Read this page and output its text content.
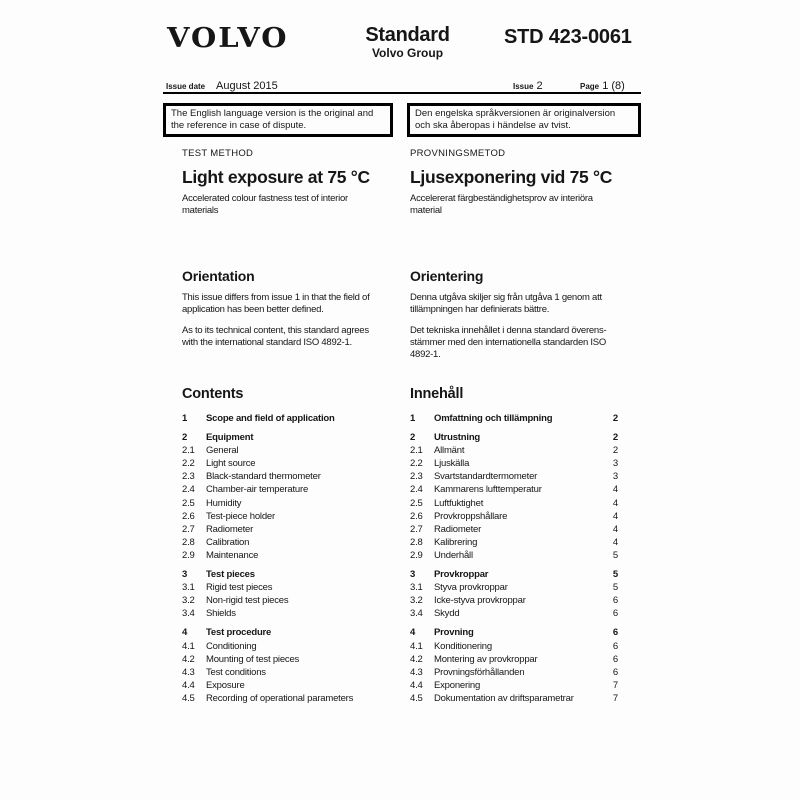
VOLVO	Standard
Volvo Group
STD 423-0061
Issue date August 2015	Issue 2	Page 1 (8)
The English language version is the original and the reference in case of dispute.
Den engelska språkversionen är originalversion och ska åberopas i händelse av tvist.
TEST METHOD
Light exposure at 75 °C
Accelerated colour fastness test of interior materials
PROVNINGSMETOD
Ljusexponering vid 75 °C
Accelererat färgbeständighetsprov av interiöra material
Orientation
This issue differs from issue 1 in that the field of application has been better defined.
As to its technical content, this standard agrees with the international standard ISO 4892-1.
Orientering
Denna utgåva skiljer sig från utgåva 1 genom att tillämpningen har definierats bättre.
Det tekniska innehållet i denna standard överens-stämmer med den internationella standarden ISO 4892-1.
Contents
1	Scope and field of application
2	Equipment
2.1	General
2.2	Light source
2.3	Black-standard thermometer
2.4	Chamber-air temperature
2.5	Humidity
2.6	Test-piece holder
2.7	Radiometer
2.8	Calibration
2.9	Maintenance
3	Test pieces
3.1	Rigid test pieces
3.2	Non-rigid test pieces
3.4	Shields
4	Test procedure
4.1	Conditioning
4.2	Mounting of test pieces
4.3	Test conditions
4.4	Exposure
4.5	Recording of operational parameters
Innehåll
1	Omfattning och tillämpning	2
2	Utrustning	2
2.1	Allmänt	2
2.2	Ljuskälla	3
2.3	Svartstandardtermometer	3
2.4	Kammarens lufttemperatur	4
2.5	Luftfuktighet	4
2.6	Provkroppshållare	4
2.7	Radiometer	4
2.8	Kalibrering	4
2.9	Underhåll	5
3	Provkroppar	5
3.1	Styva provkroppar	5
3.2	Icke-styva provkroppar	6
3.4	Skydd	6
4	Provning	6
4.1	Konditionering	6
4.2	Montering av provkroppar	6
4.3	Provningsförhållanden	6
4.4	Exponering	7
4.5	Dokumentation av driftsparametrar	7
